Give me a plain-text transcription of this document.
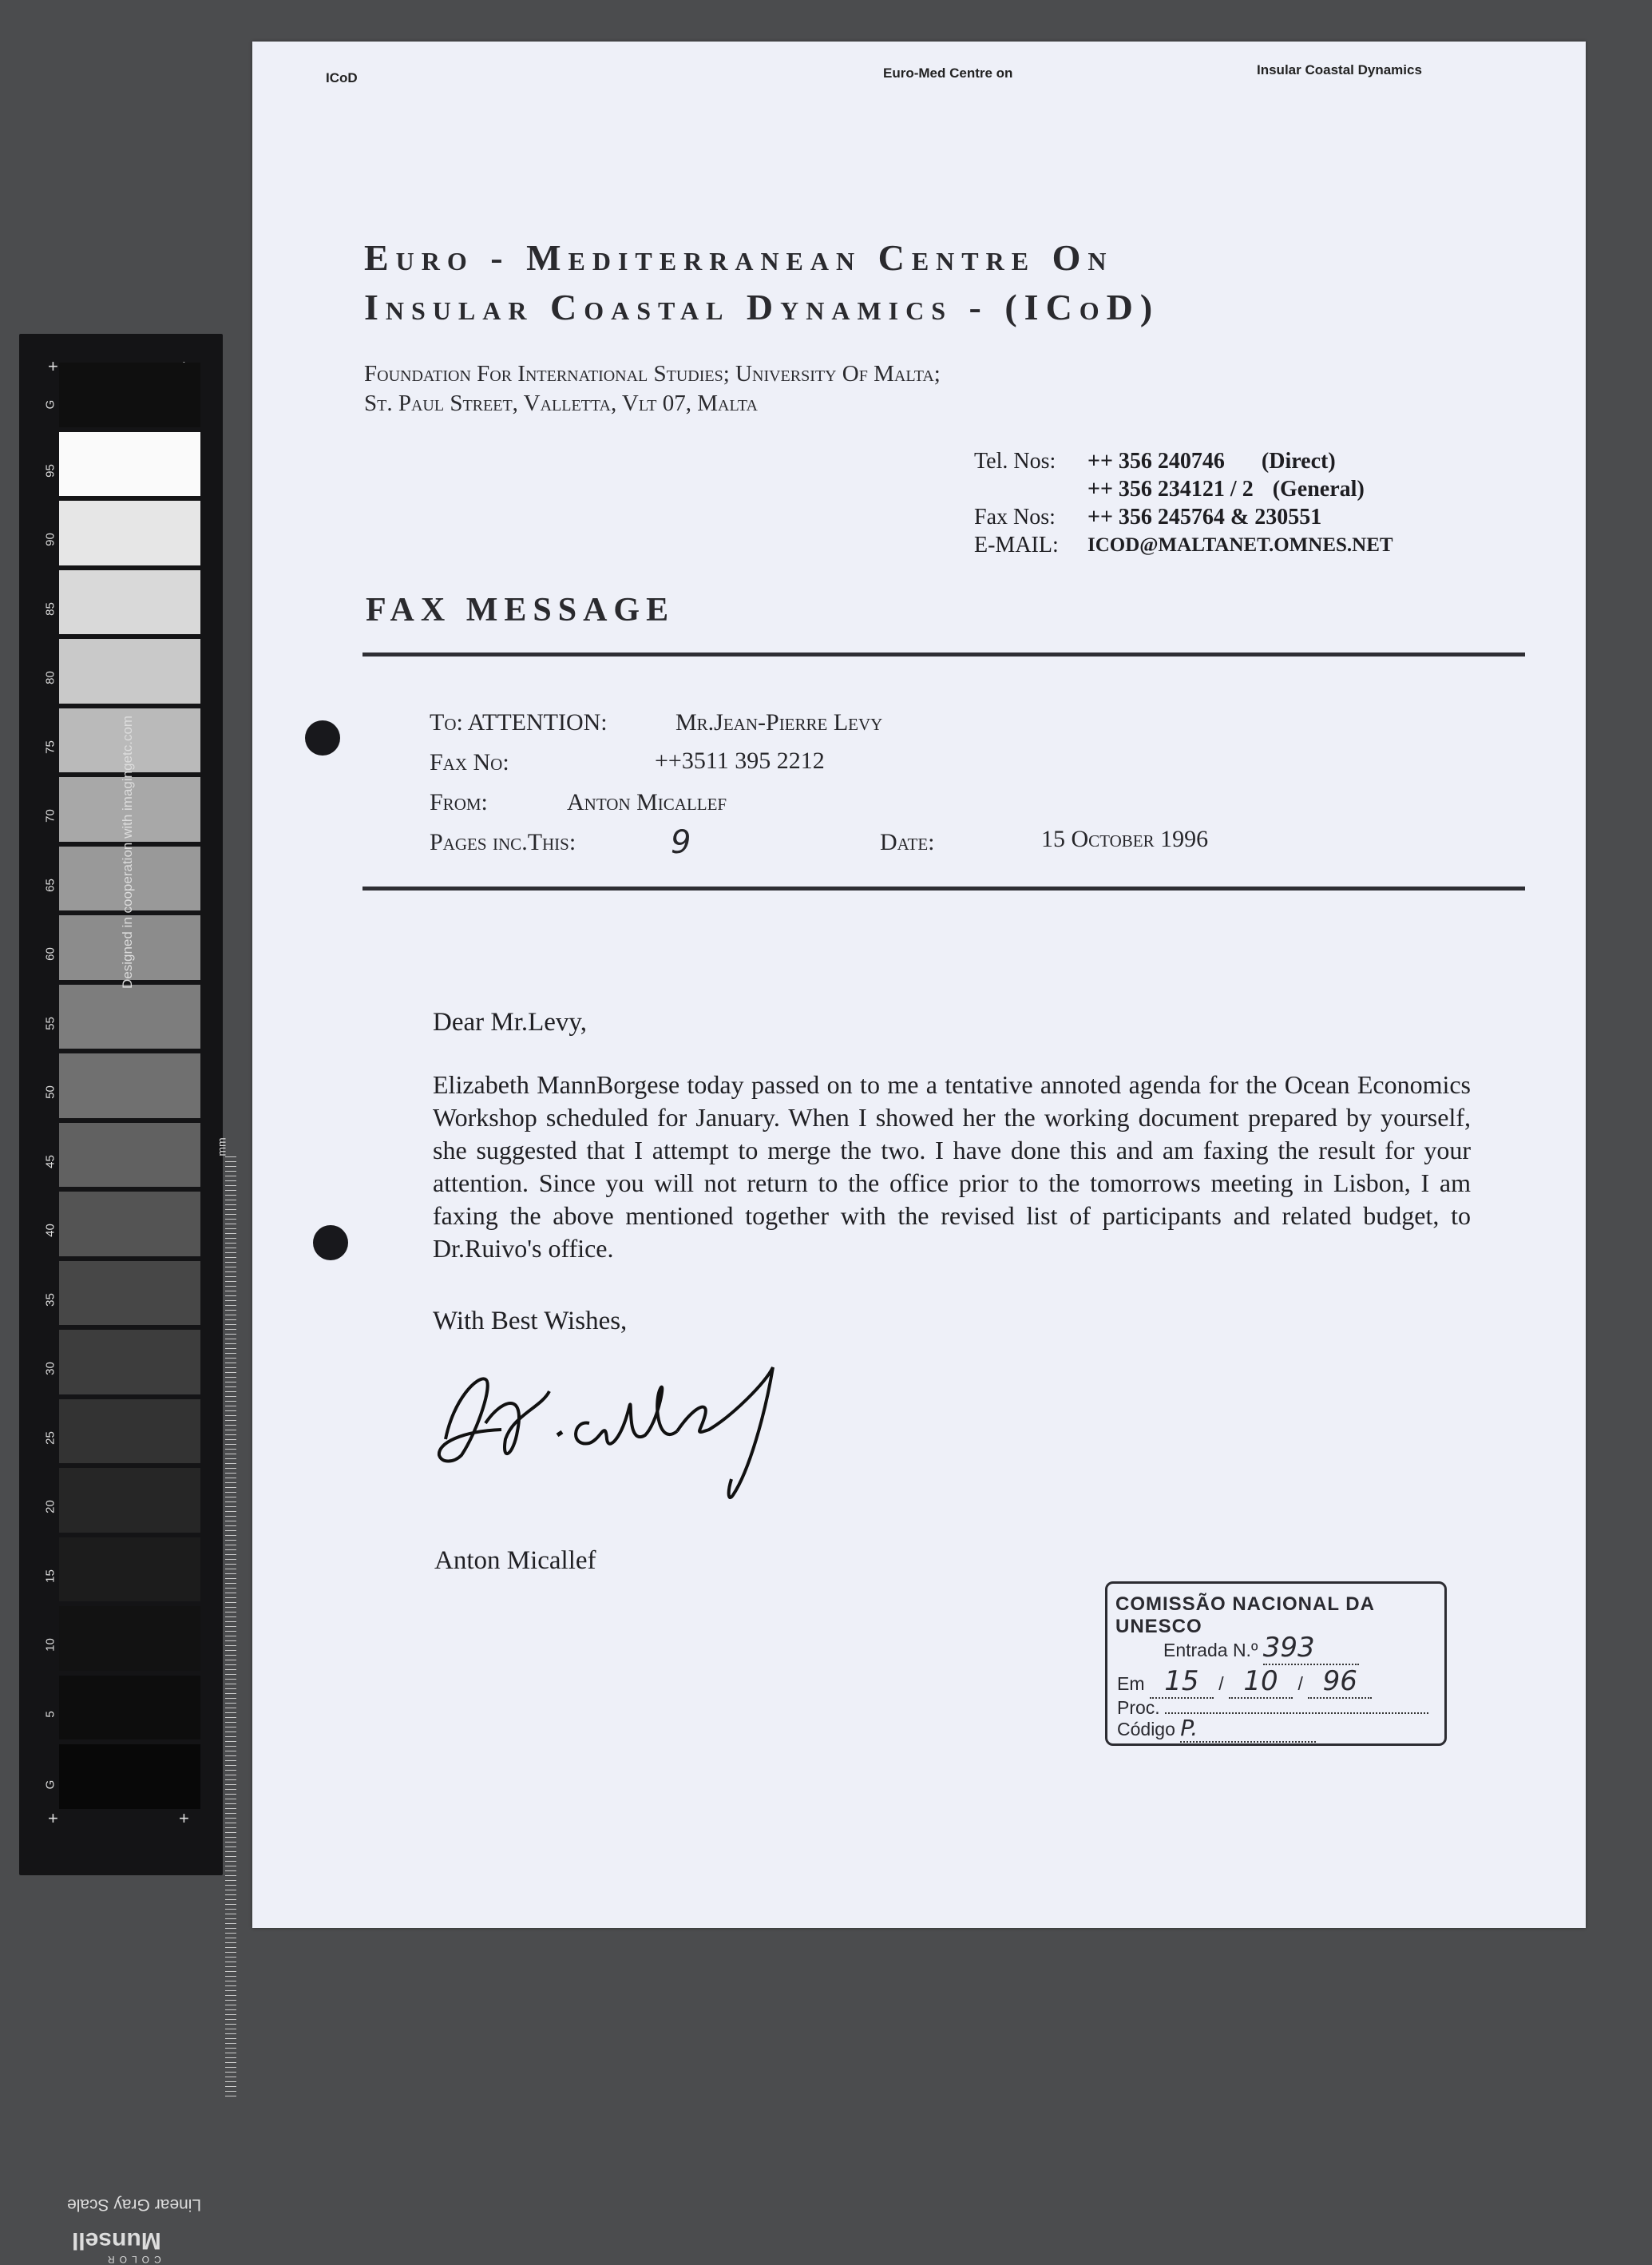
+
+	+
G
95
90
85
80
75
70
65
60
55
50
45
40
35
30
25
20
15
10
5
G
Designed in cooperation with imagingetc.com
mm
Linear Gray Scale
COLOR
Munsell
ICoD	Euro-Med Centre on	Insular Coastal Dynamics
Euro - Mediterranean Centre On
Insular Coastal Dynamics - (ICoD)
Foundation For International Studies; University Of Malta;
St. Paul Street, Valletta, Vlt 07, Malta
Tel. Nos:	++ 356 240746 (Direct)
++ 356 234121 / 2 (General)
Fax Nos:	++ 356 245764 & 230551
E-MAIL:	ICOD@MALTANET.OMNES.NET
FAX MESSAGE
To: ATTENTION:	Mr.Jean-Pierre Levy
Fax No:	++3511 395 2212
From:	Anton Micallef
Pages inc.This:	9	Date:	15 October 1996
Dear Mr.Levy,
Elizabeth MannBorgese today passed on to me a tentative annoted agenda for the Ocean Economics Workshop scheduled for January. When I showed her the working document prepared by yourself, she suggested that I attempt to merge the two. I have done this and am faxing the result for your attention. Since you will not return to the office prior to the tomorrows meeting in Lisbon, I am faxing the above mentioned together with the revised list of participants and related budget, to Dr.Ruivo's office.
With Best Wishes,
Anton Micallef
COMISSÃO NACIONAL DA UNESCO
Entrada N.º 393
Em 15 / 10 / 96
Proc.
Código P.
